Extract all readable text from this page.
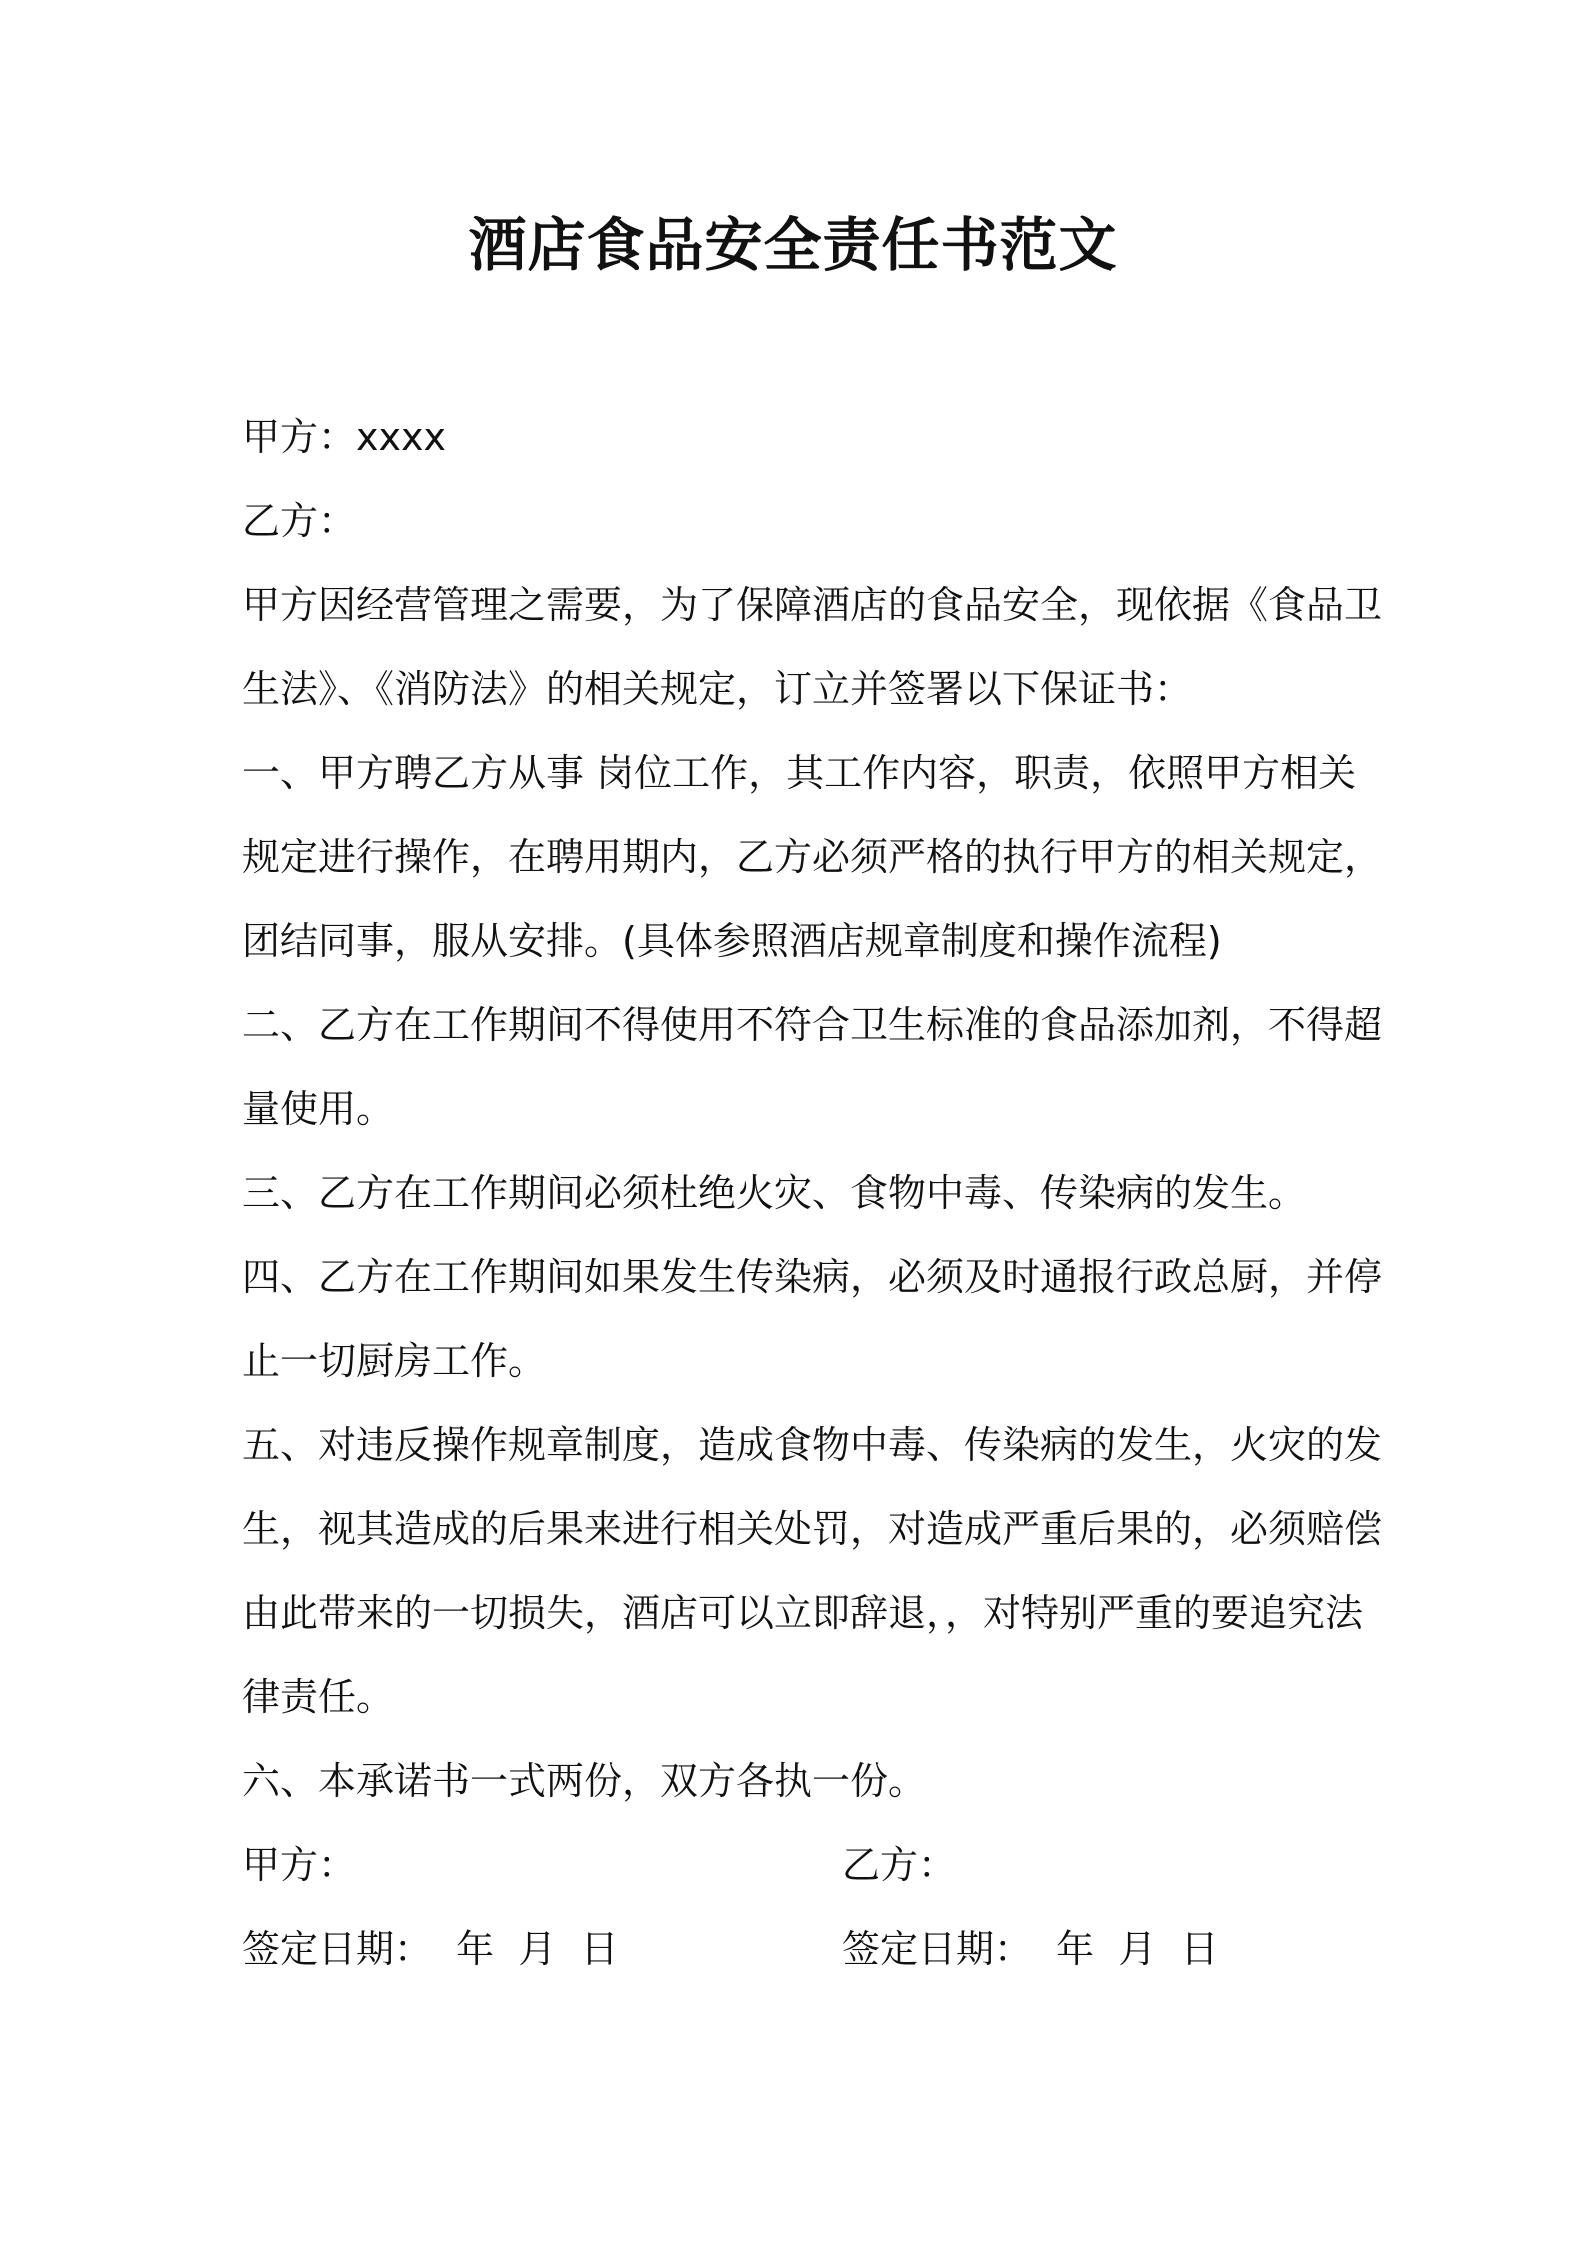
酒店食品安全责任书范文
甲方：xxxx
乙方：
甲方因经营管理之需要，为了保障酒店的食品安全，现依据《食品卫
生法》、《消防法》的相关规定，订立并签署以下保证书：
一、甲方聘乙方从事 岗位工作，其工作内容，职责，依照甲方相关
规定进行操作，在聘用期内，乙方必须严格的执行甲方的相关规定，
团结同事，服从安排。(具体参照酒店规章制度和操作流程)
二、乙方在工作期间不得使用不符合卫生标准的食品添加剂，不得超
量使用。
三、乙方在工作期间必须杜绝火灾、食物中毒、传染病的发生。
四、乙方在工作期间如果发生传染病，必须及时通报行政总厨，并停
止一切厨房工作。
五、对违反操作规章制度，造成食物中毒、传染病的发生，火灾的发
生，视其造成的后果来进行相关处罚，对造成严重后果的，必须赔偿
由此带来的一切损失，酒店可以立即辞退，，对特别严重的要追究法
律责任。
六、本承诺书一式两份，双方各执一份。
甲方：	乙方：
签定日期：  年  月  日	签定日期：  年  月  日
